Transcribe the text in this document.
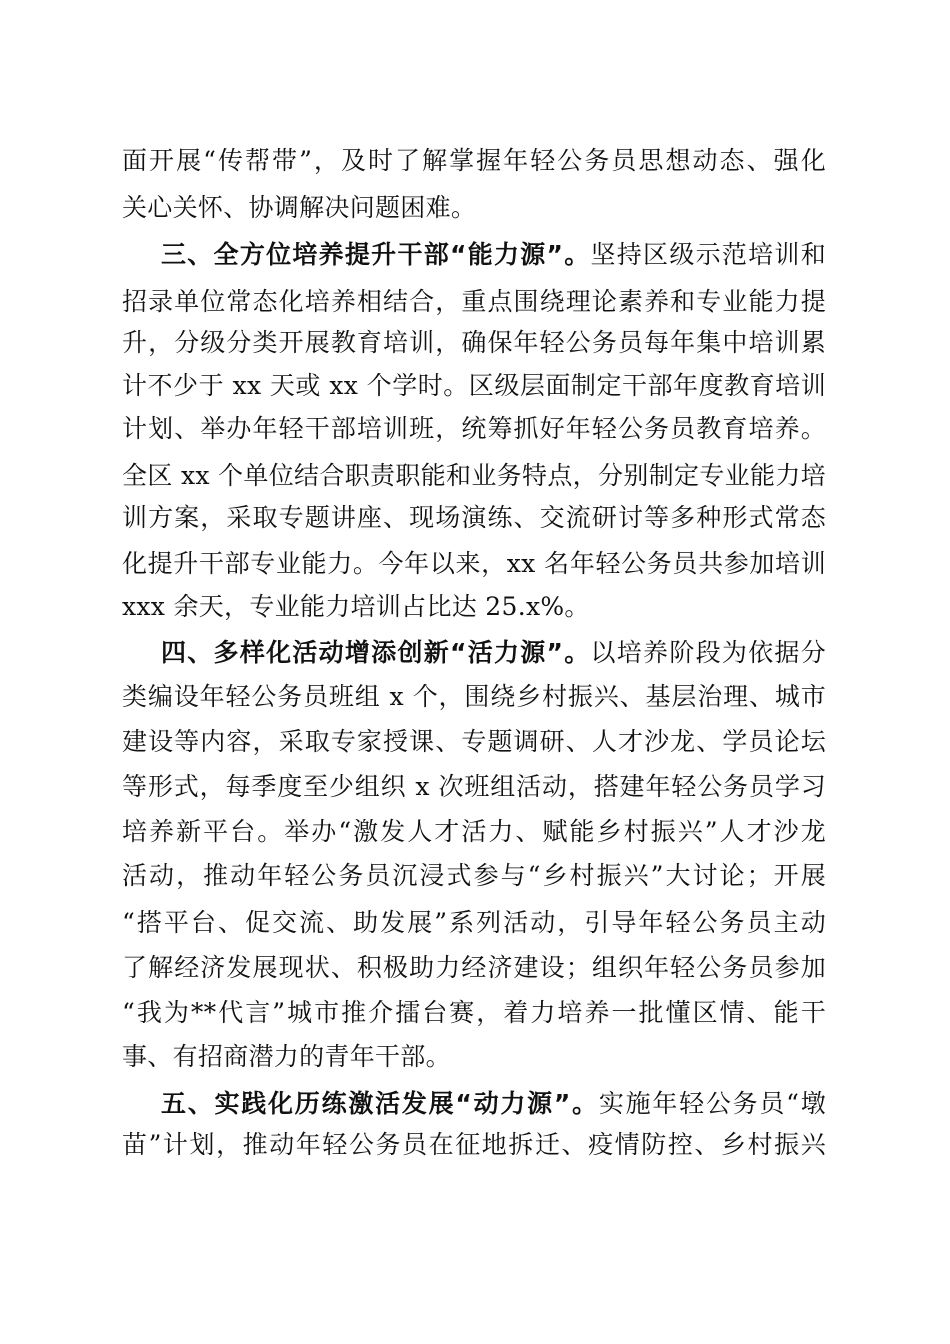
面开展“传帮带”，及时了解掌握年轻公务员思想动态、强化
关心关怀、协调解决问题困难。
三、全方位培养提升干部“能力源”。坚持区级示范培训和
招录单位常态化培养相结合，重点围绕理论素养和专业能力提
升，分级分类开展教育培训，确保年轻公务员每年集中培训累
计不少于 xx 天或 xx 个学时。区级层面制定干部年度教育培训
计划、举办年轻干部培训班，统筹抓好年轻公务员教育培养。
全区 xx 个单位结合职责职能和业务特点，分别制定专业能力培
训方案，采取专题讲座、现场演练、交流研讨等多种形式常态
化提升干部专业能力。今年以来，xx 名年轻公务员共参加培训
xxx 余天，专业能力培训占比达 25.x%。
四、多样化活动增添创新“活力源”。以培养阶段为依据分
类编设年轻公务员班组 x 个，围绕乡村振兴、基层治理、城市
建设等内容，采取专家授课、专题调研、人才沙龙、学员论坛
等形式，每季度至少组织 x 次班组活动，搭建年轻公务员学习
培养新平台。举办“激发人才活力、赋能乡村振兴”人才沙龙
活动，推动年轻公务员沉浸式参与“乡村振兴”大讨论；开展
“搭平台、促交流、助发展”系列活动，引导年轻公务员主动
了解经济发展现状、积极助力经济建设；组织年轻公务员参加
“我为**代言”城市推介擂台赛，着力培养一批懂区情、能干
事、有招商潜力的青年干部。
五、实践化历练激活发展“动力源”。实施年轻公务员“墩
苗”计划，推动年轻公务员在征地拆迁、疫情防控、乡村振兴
